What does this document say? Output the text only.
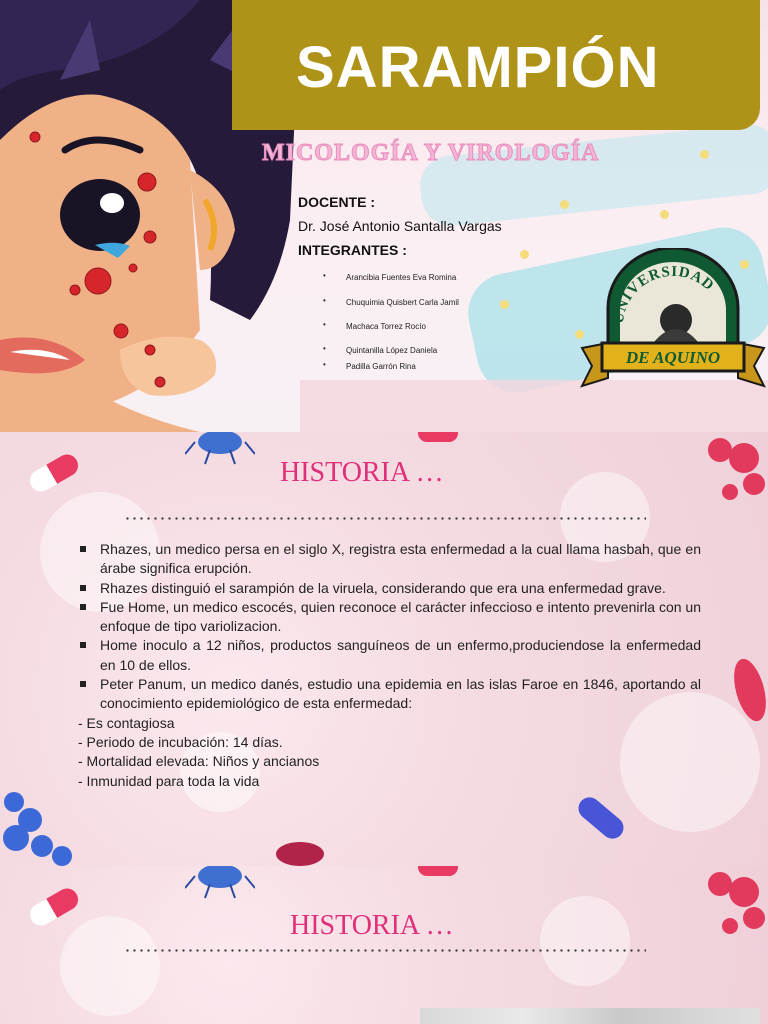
SARAMPIÓN
MICOLOGÍA Y VIROLOGÍA
DOCENTE :
Dr. José Antonio Santalla Vargas
INTEGRANTES :
•	Arancibia Fuentes Eva Romina
•	Chuquimia Quisbert Carla Jamil
•	Machaca Torrez Rocío
•	Quintanilla López Daniela
•	Padilla Garrón Rina
UNIVERSIDAD
DE AQUINO
HISTORIA …
Rhazes, un medico persa en el siglo X, registra esta enfermedad a la cual llama hasbah, que en árabe significa erupción.
Rhazes distinguió el sarampión de la viruela, considerando que era una enfermedad grave.
Fue Home, un medico escocés, quien reconoce el carácter infeccioso e intento prevenirla con un enfoque de tipo variolizacion.
Home inoculo a 12 niños, productos sanguíneos de un enfermo,produciendose la enfermedad en 10 de ellos.
Peter Panum, un medico danés, estudio una epidemia en las islas Faroe en 1846, aportando al conocimiento epidemiológico de esta enfermedad:
- Es contagiosa
- Periodo de incubación: 14 días.
- Mortalidad elevada: Niños y ancianos
- Inmunidad para toda la vida
HISTORIA …
